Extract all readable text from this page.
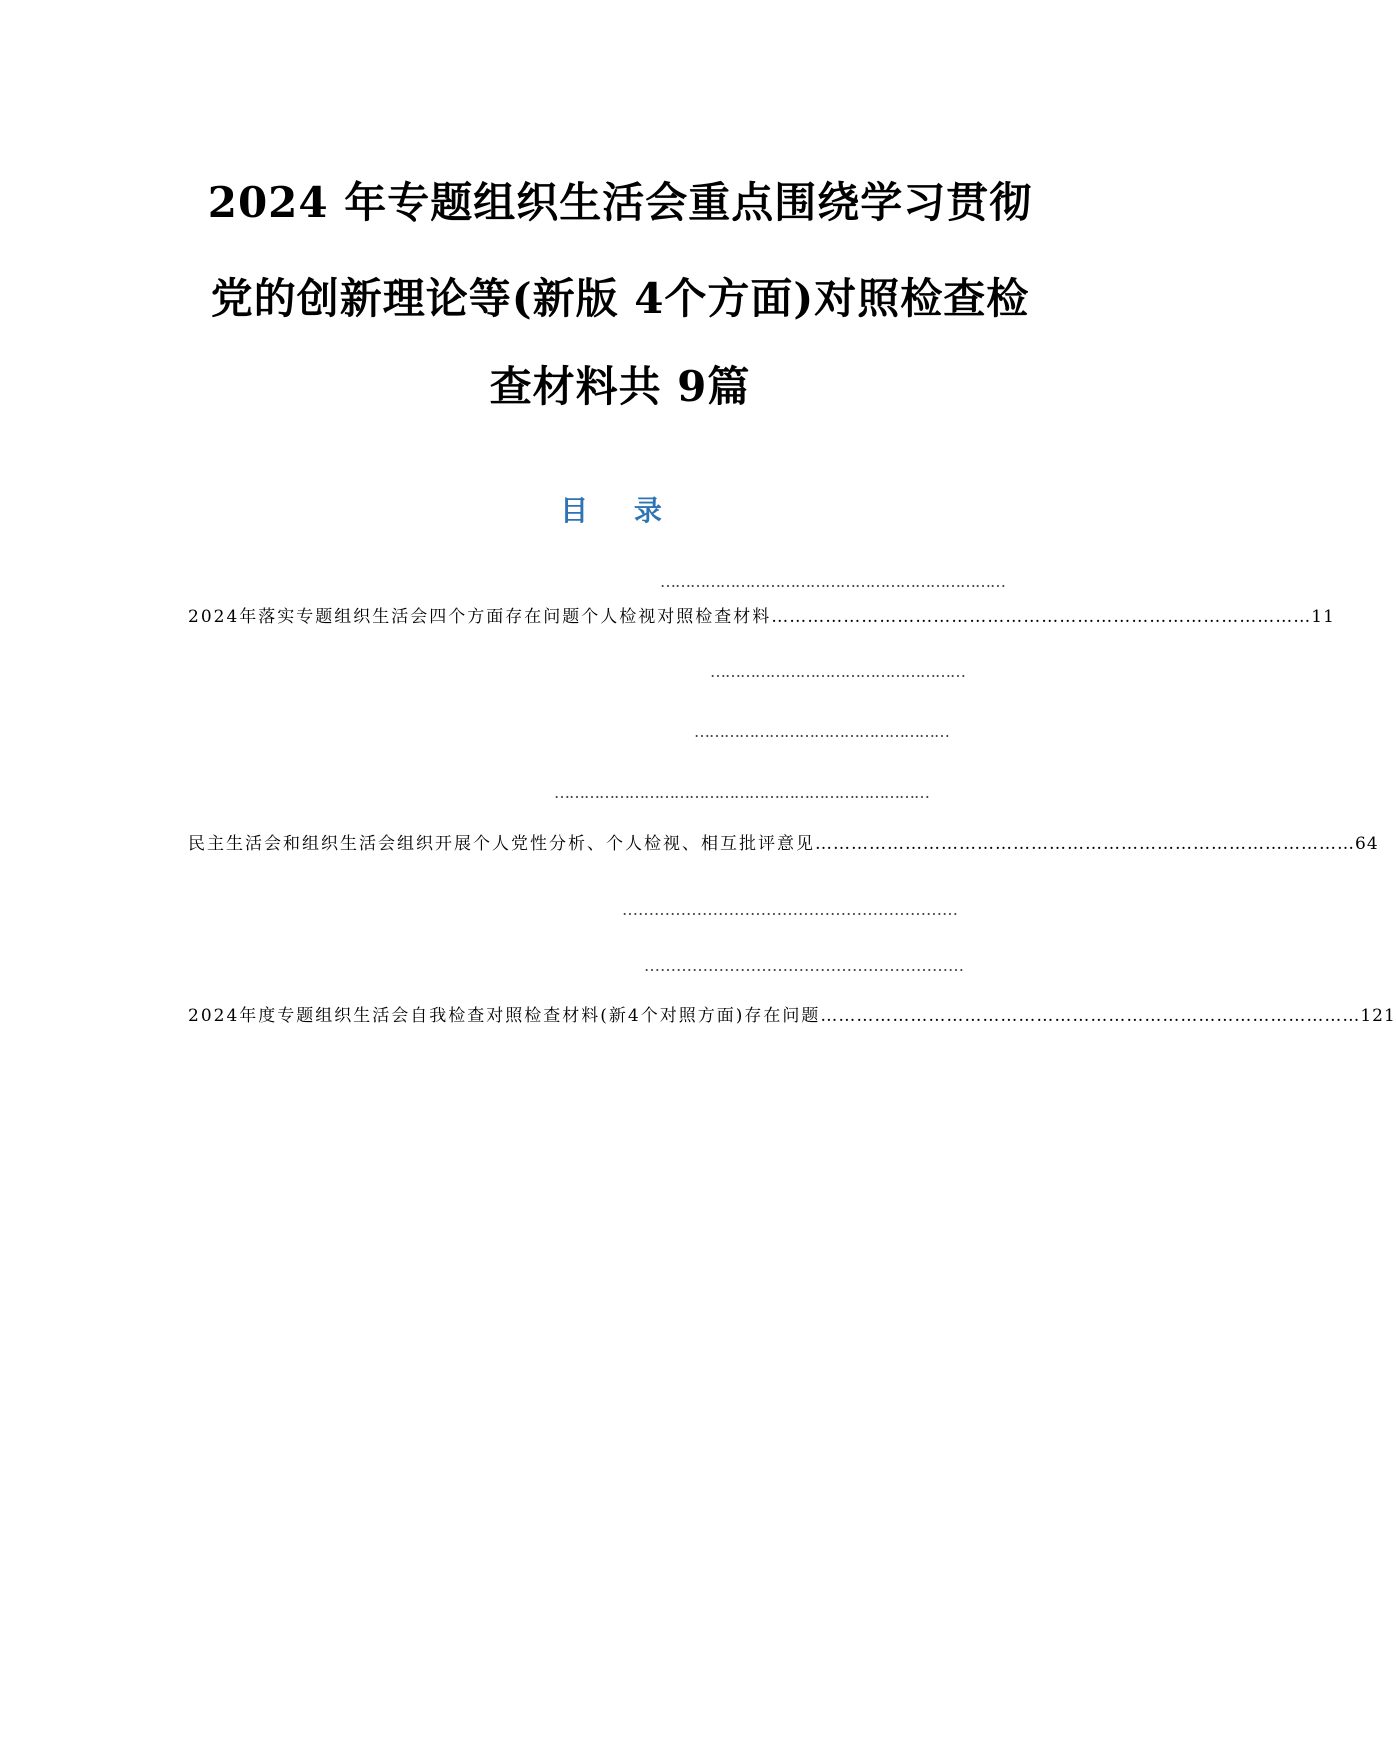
2024 年专题组织生活会重点围绕学习贯彻
党的创新理论等(新版 4个方面)对照检查检
查材料共 9篇
目 录
……………………………………………………………
2024年落实专题组织生活会四个方面存在问题个人检视对照检查材料 ……………………………………………………………………………… 11
……………………………………………
……………………………………………
…………………………………………………………………
民主生活会和组织生活会组织开展个人党性分析、个人检视、相互批评意见 ……………………………………………………………………………… 64
………………………………………………………
……………………………………………………
2024年度专题组织生活会自我检查对照检查材料(新4个对照方面)存在问题 ……………………………………………………………………………… 121
